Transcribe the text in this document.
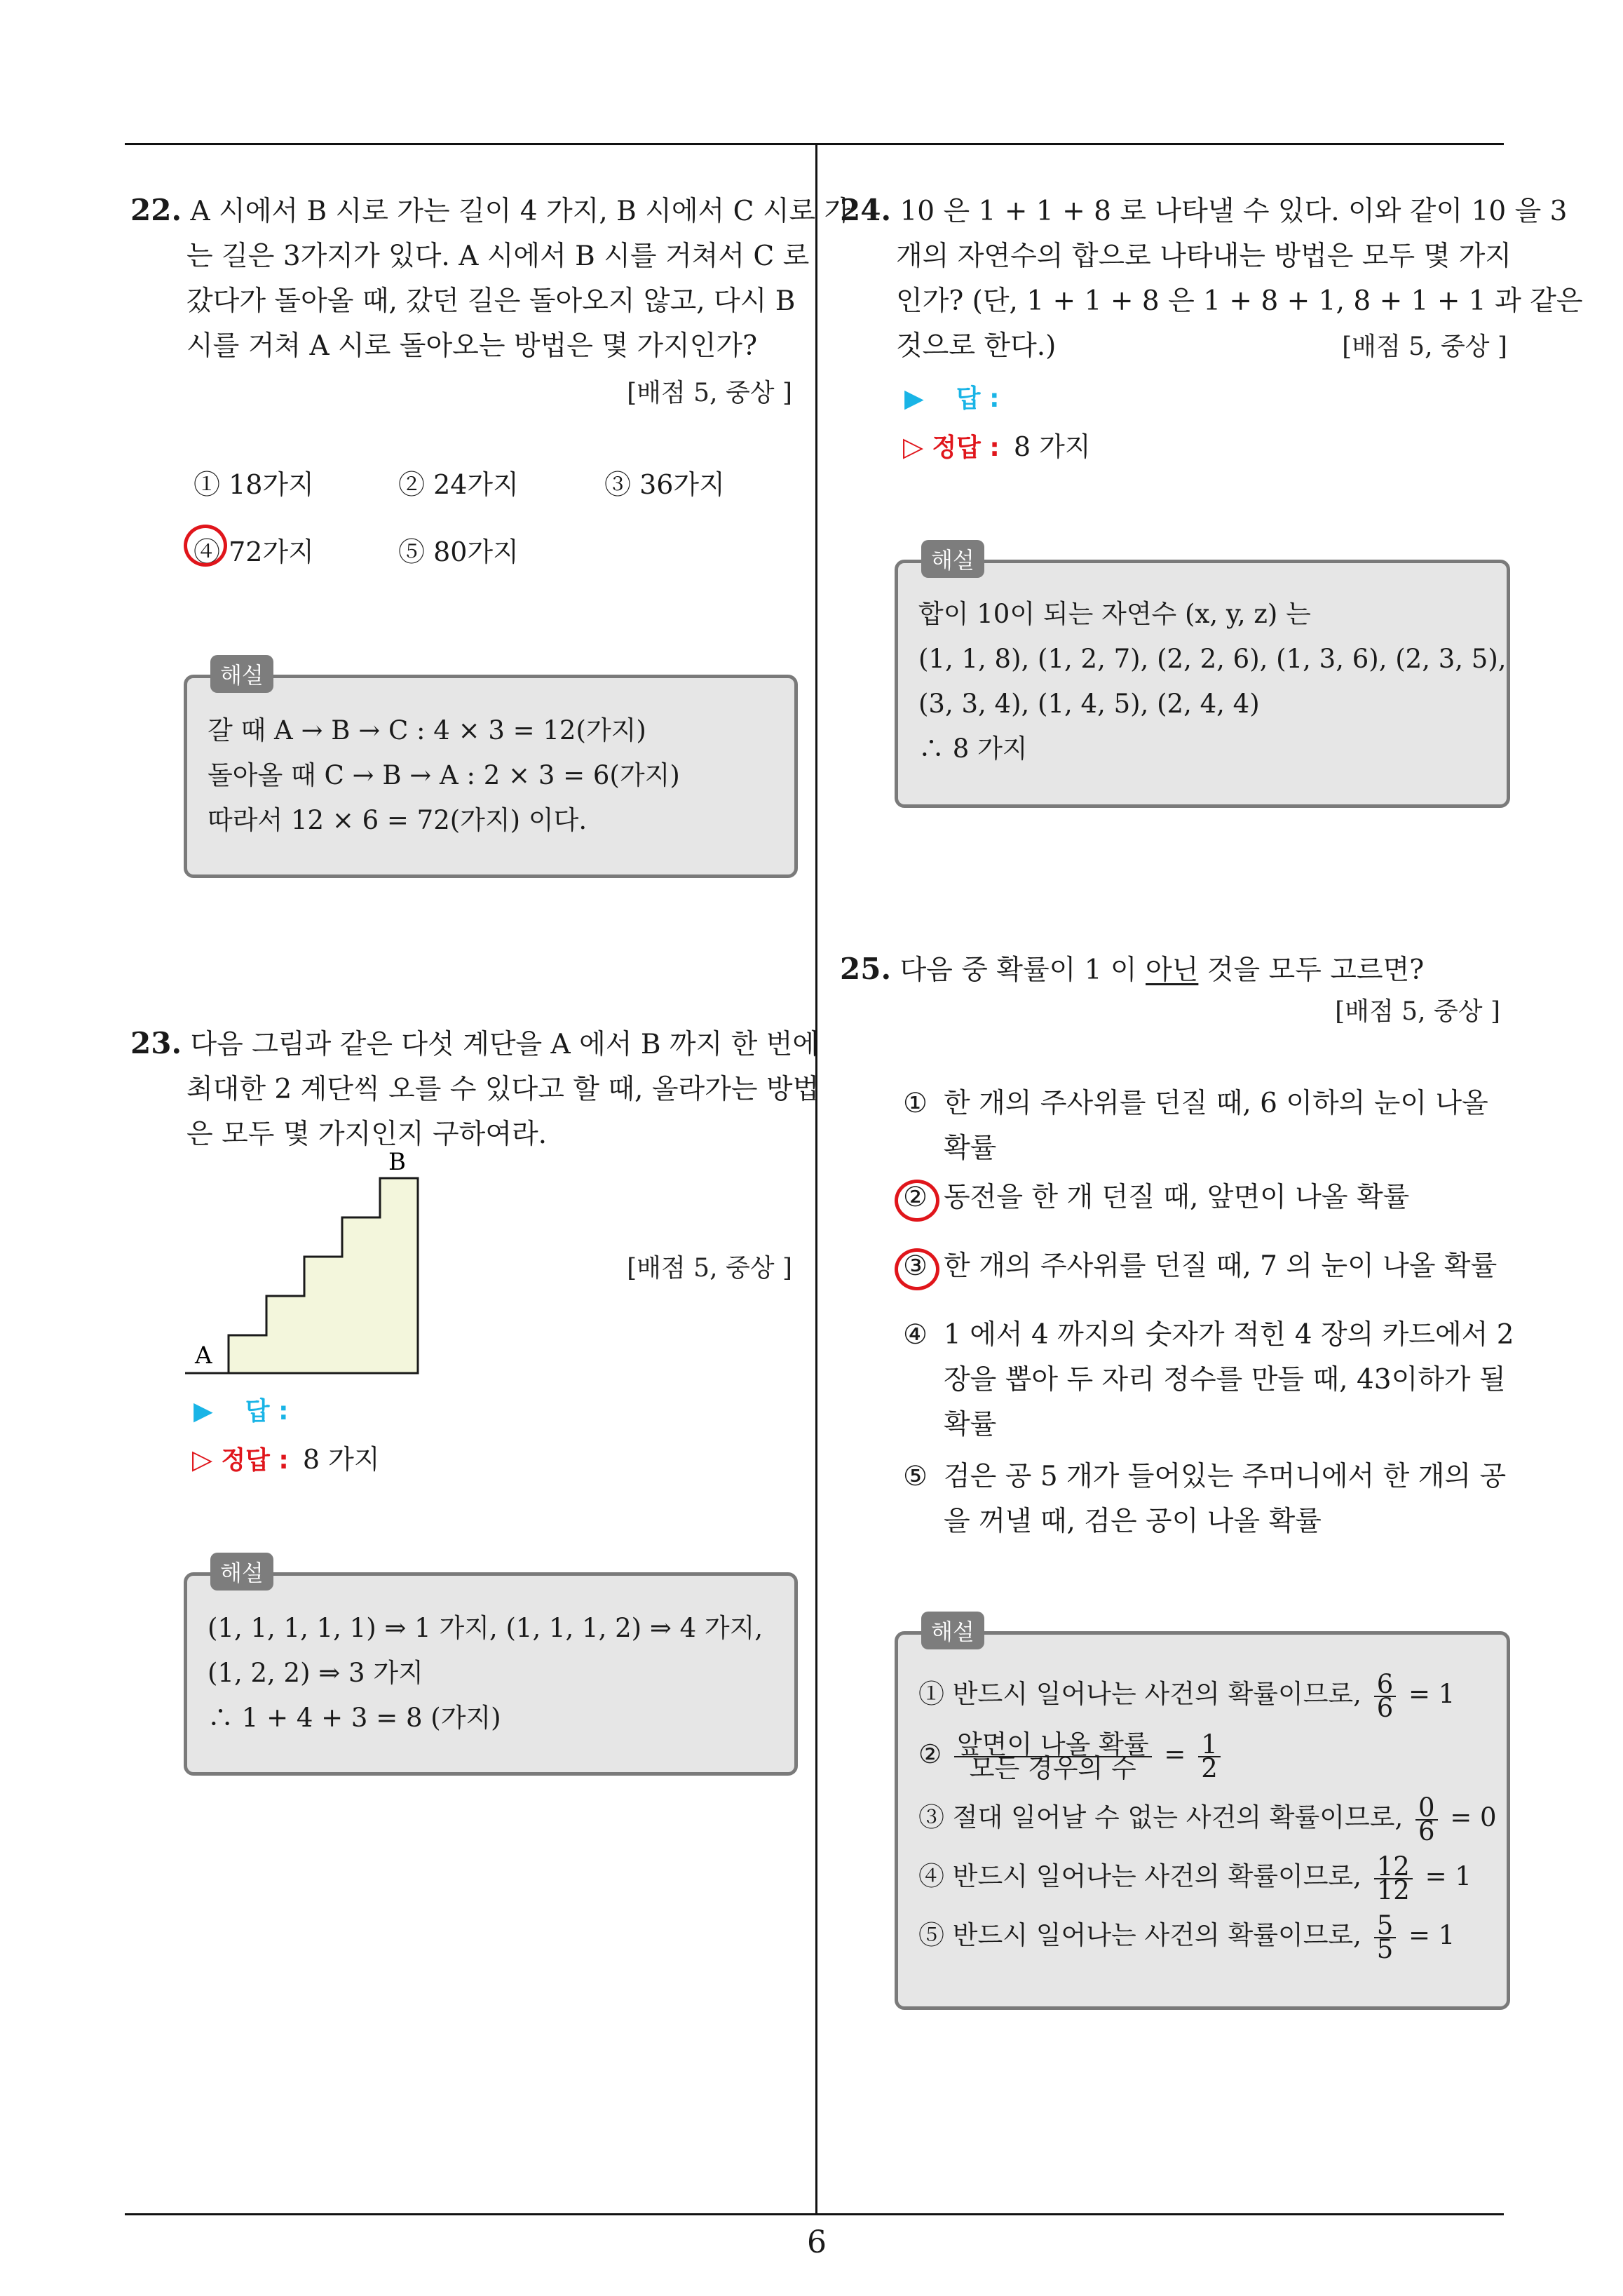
6
22. A 시에서 B 시로 가는 길이 4 가지, B 시에서 C 시로 가
는 길은 3가지가 있다. A 시에서 B 시를 거쳐서 C 로
갔다가 돌아올 때, 갔던 길은 돌아오지 않고, 다시 B
시를 거쳐 A 시로 돌아오는 방법은 몇 가지인가?
[배점 5, 중상 ]
① 18가지	② 24가지	③ 36가지
④ 72가지	⑤ 80가지
해설
갈 때 A → B → C : 4 × 3 = 12(가지)
돌아올 때 C → B → A : 2 × 3 = 6(가지)
따라서 12 × 6 = 72(가지) 이다.
23. 다음 그림과 같은 다섯 계단을 A 에서 B 까지 한 번에
최대한 2 계단씩 오를 수 있다고 할 때, 올라가는 방법
은 모두 몇 가지인지 구하여라.
A
B
[배점 5, 중상 ]
▶ 답 :
▷ 정답 : 8 가지
해설
(1, 1, 1, 1, 1) ⇒ 1 가지, (1, 1, 1, 2) ⇒ 4 가지,
(1, 2, 2) ⇒ 3 가지
∴ 1 + 4 + 3 = 8 (가지)
24. 10 은 1 + 1 + 8 로 나타낼 수 있다. 이와 같이 10 을 3
개의 자연수의 합으로 나타내는 방법은 모두 몇 가지
인가? (단, 1 + 1 + 8 은 1 + 8 + 1, 8 + 1 + 1 과 같은
것으로 한다.)	[배점 5, 중상 ]
▶ 답 :
▷ 정답 : 8 가지
해설
합이 10이 되는 자연수 (x, y, z) 는
(1, 1, 8), (1, 2, 7), (2, 2, 6), (1, 3, 6), (2, 3, 5),
(3, 3, 4), (1, 4, 5), (2, 4, 4)
∴ 8 가지
25. 다음 중 확률이 1 이 아닌 것을 모두 고르면?
[배점 5, 중상 ]
① 한 개의 주사위를 던질 때, 6 이하의 눈이 나올
확률
② 동전을 한 개 던질 때, 앞면이 나올 확률
③ 한 개의 주사위를 던질 때, 7 의 눈이 나올 확률
④ 1 에서 4 까지의 숫자가 적힌 4 장의 카드에서 2
장을 뽑아 두 자리 정수를 만들 때, 43이하가 될
확률
⑤ 검은 공 5 개가 들어있는 주머니에서 한 개의 공
을 꺼낼 때, 검은 공이 나올 확률
해설
① 반드시 일어나는 사건의 확률이므로, $\frac{6}{6} = 1$
② $\frac{\text{앞면이 나올 확률}}{\text{모든 경우의 수}} = \frac{1}{2}$
③ 절대 일어날 수 없는 사건의 확률이므로, $\frac{0}{6} = 0$
④ 반드시 일어나는 사건의 확률이므로, $\frac{12}{12} = 1$
⑤ 반드시 일어나는 사건의 확률이므로, $\frac{5}{5} = 1$
